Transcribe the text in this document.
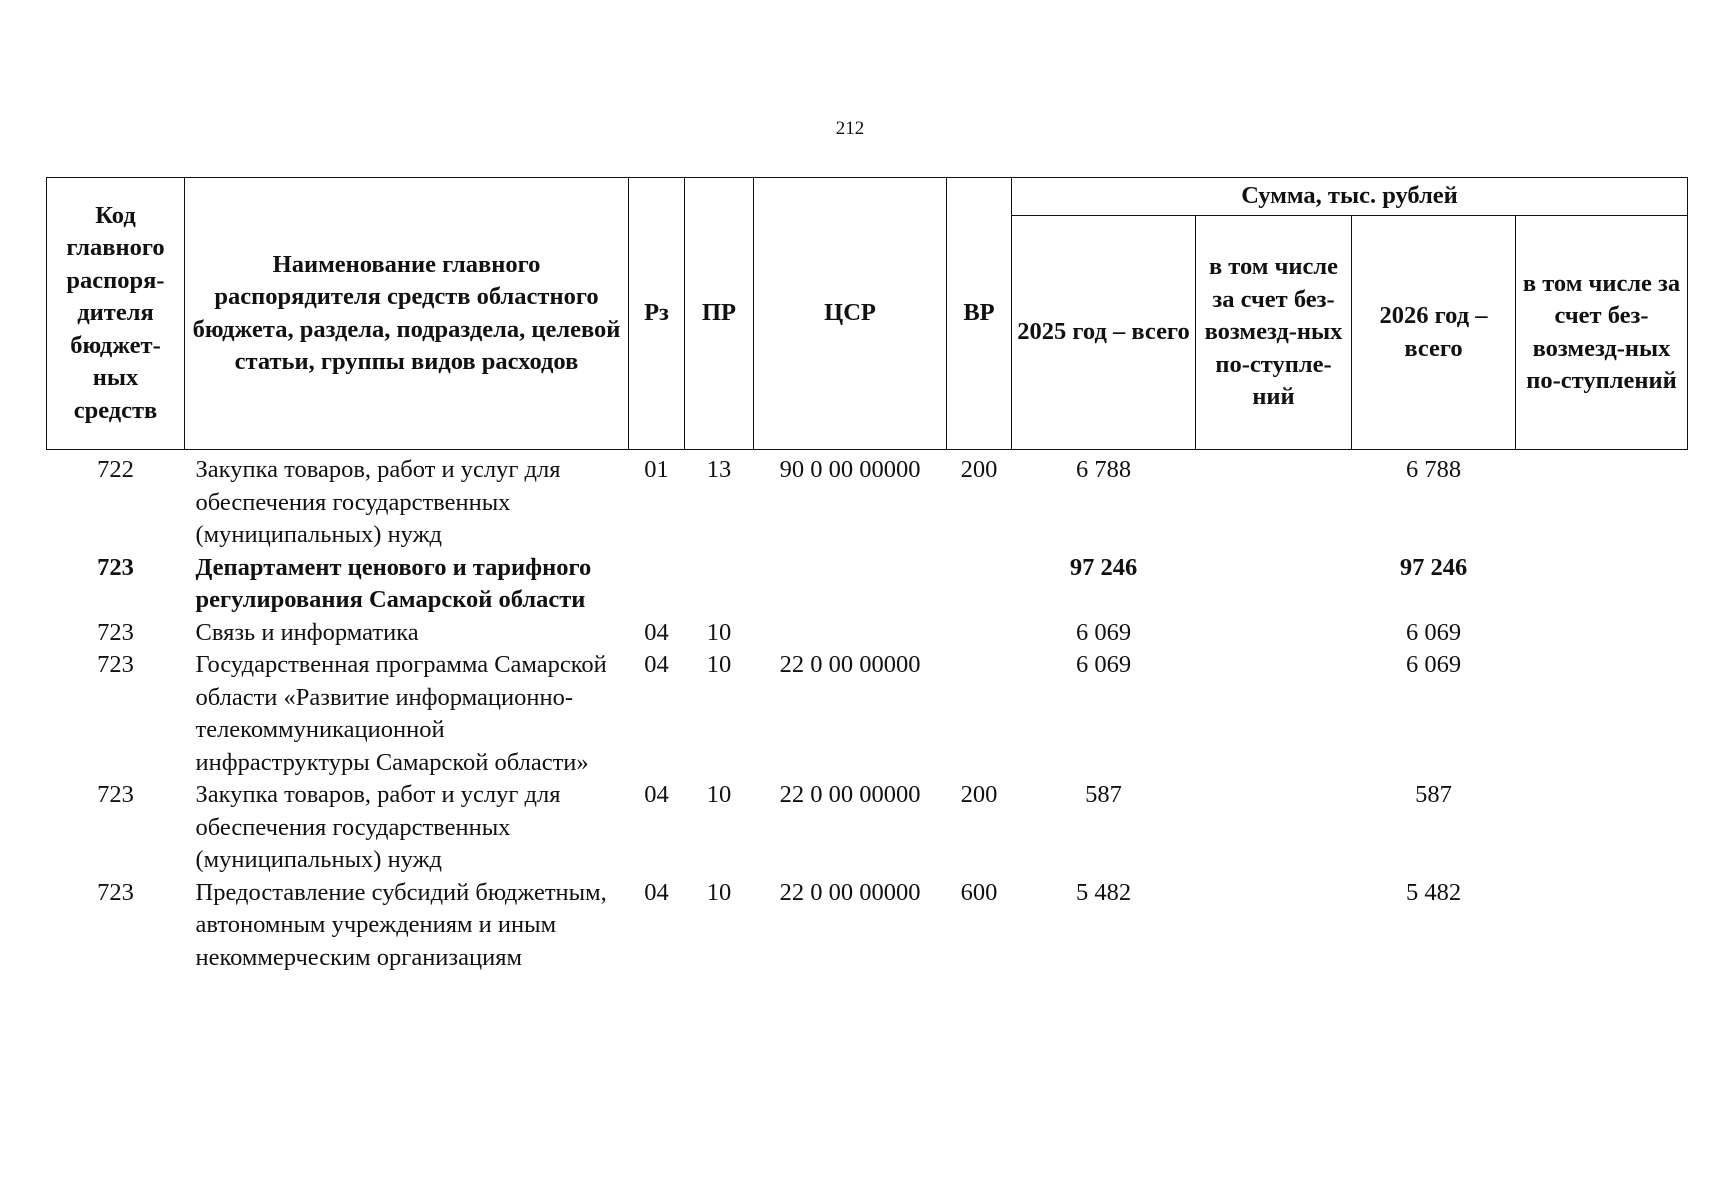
212
Код главного распоря-дителя бюджет-ных средств	Наименование главного распорядителя средств областного бюджета, раздела, подраздела, целевой статьи, группы видов расходов	Рз	ПР	ЦСР	ВР	Сумма, тыс. рублей			
						2025 год – всего	в том числе за счет без-возмезд-ных по-ступле-ний	2026 год – всего	в том числе за счет без-возмезд-ных по-ступлений
722	Закупка товаров, работ и услуг для обеспечения государственных (муниципальных) нужд	01	13	90 0 00 00000	200	6 788		6 788	
723	Департамент ценового и тарифного регулирования Самарской области					97 246		97 246	
723	Связь и информатика	04	10			6 069		6 069	
723	Государственная программа Самарской области «Развитие информационно-телекоммуникационной инфраструктуры Самарской области»	04	10	22 0 00 00000		6 069		6 069	
723	Закупка товаров, работ и услуг для обеспечения государственных (муниципальных) нужд	04	10	22 0 00 00000	200	587		587	
723	Предоставление субсидий бюджетным, автономным учреждениям и иным некоммерческим организациям	04	10	22 0 00 00000	600	5 482		5 482	
